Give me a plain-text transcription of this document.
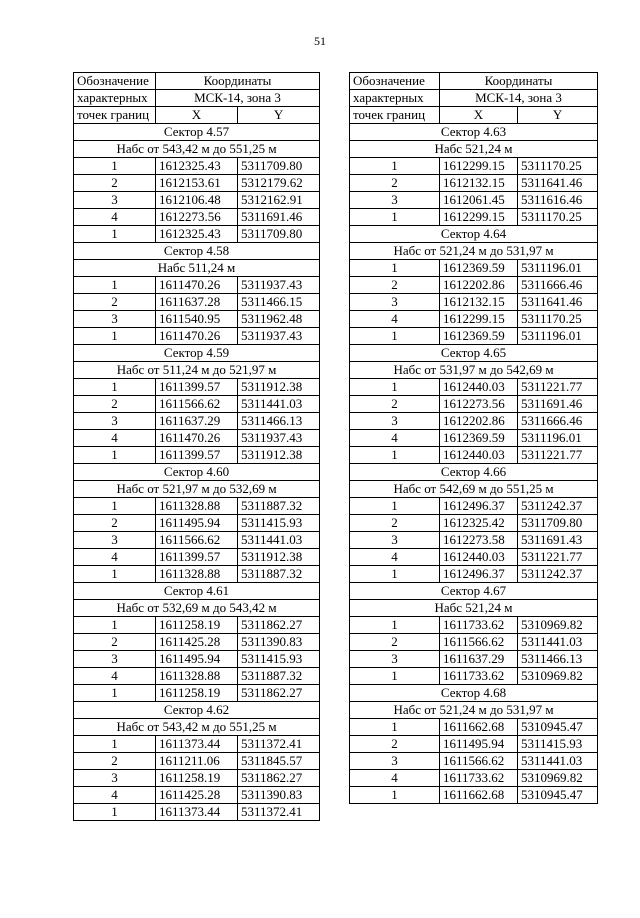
51
Обозначение	Координаты	
характерных	МСК-14, зона 3	
точек границ	X	Y
Сектор 4.57		
Набс от 543,42 м до 551,25 м		
1	1612325.43	5311709.80
2	1612153.61	5312179.62
3	1612106.48	5312162.91
4	1612273.56	5311691.46
1	1612325.43	5311709.80
Сектор 4.58		
Набс 511,24 м		
1	1611470.26	5311937.43
2	1611637.28	5311466.15
3	1611540.95	5311962.48
1	1611470.26	5311937.43
Сектор 4.59		
Набс от 511,24 м до 521,97 м		
1	1611399.57	5311912.38
2	1611566.62	5311441.03
3	1611637.29	5311466.13
4	1611470.26	5311937.43
1	1611399.57	5311912.38
Сектор 4.60		
Набс от 521,97 м до 532,69 м		
1	1611328.88	5311887.32
2	1611495.94	5311415.93
3	1611566.62	5311441.03
4	1611399.57	5311912.38
1	1611328.88	5311887.32
Сектор 4.61		
Набс от 532,69 м до 543,42 м		
1	1611258.19	5311862.27
2	1611425.28	5311390.83
3	1611495.94	5311415.93
4	1611328.88	5311887.32
1	1611258.19	5311862.27
Сектор 4.62		
Набс от 543,42 м до 551,25 м		
1	1611373.44	5311372.41
2	1611211.06	5311845.57
3	1611258.19	5311862.27
4	1611425.28	5311390.83
1	1611373.44	5311372.41
Обозначение	Координаты	
характерных	МСК-14, зона 3	
точек границ	X	Y
Сектор 4.63		
Набс 521,24 м		
1	1612299.15	5311170.25
2	1612132.15	5311641.46
3	1612061.45	5311616.46
1	1612299.15	5311170.25
Сектор 4.64		
Набс от 521,24 м до 531,97 м		
1	1612369.59	5311196.01
2	1612202.86	5311666.46
3	1612132.15	5311641.46
4	1612299.15	5311170.25
1	1612369.59	5311196.01
Сектор 4.65		
Набс от 531,97 м до 542,69 м		
1	1612440.03	5311221.77
2	1612273.56	5311691.46
3	1612202.86	5311666.46
4	1612369.59	5311196.01
1	1612440.03	5311221.77
Сектор 4.66		
Набс от 542,69 м до 551,25 м		
1	1612496.37	5311242.37
2	1612325.42	5311709.80
3	1612273.58	5311691.43
4	1612440.03	5311221.77
1	1612496.37	5311242.37
Сектор 4.67		
Набс 521,24 м		
1	1611733.62	5310969.82
2	1611566.62	5311441.03
3	1611637.29	5311466.13
1	1611733.62	5310969.82
Сектор 4.68		
Набс от 521,24 м до 531,97 м		
1	1611662.68	5310945.47
2	1611495.94	5311415.93
3	1611566.62	5311441.03
4	1611733.62	5310969.82
1	1611662.68	5310945.47
